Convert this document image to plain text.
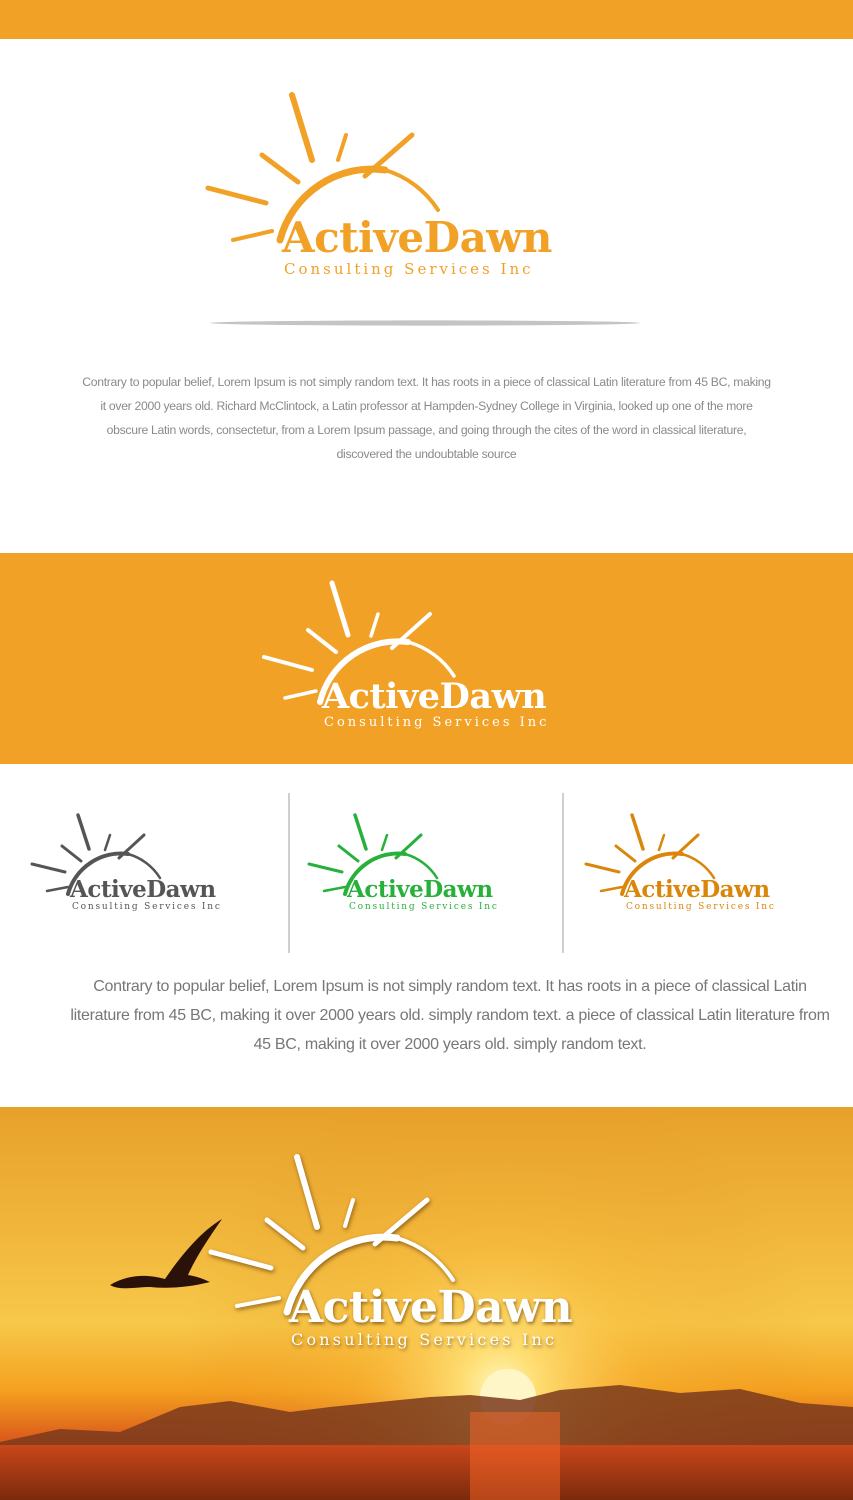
ActiveDawn
Consulting Services Inc
Contrary to popular belief, Lorem Ipsum is not simply random text. It has roots in a piece of classical Latin literature from 45 BC, making it over 2000 years old. Richard McClintock, a Latin professor at Hampden-Sydney College in Virginia, looked up one of the more obscure Latin words, consectetur, from a Lorem Ipsum passage, and going through the cites of the word in classical literature, discovered the undoubtable source
ActiveDawn
Consulting Services Inc
ActiveDawn
Consulting Services Inc
ActiveDawn
Consulting Services Inc
ActiveDawn
Consulting Services Inc
Contrary to popular belief, Lorem Ipsum is not simply random text. It has roots in a piece of classical Latin literature from 45 BC, making it over 2000 years old. simply random text. a piece of classical Latin literature from 45 BC, making it over 2000 years old. simply random text.
ActiveDawn
Consulting Services Inc
